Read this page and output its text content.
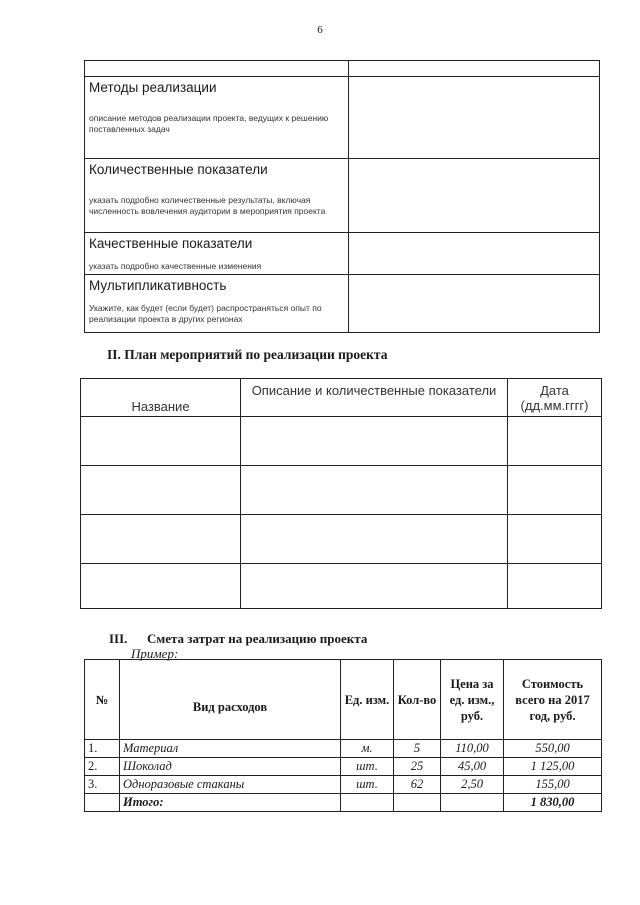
6

Методы реализации
описание методов реализации проекта, ведущих к решению поставленных задач	

Количественные показатели
указать подробно количественные результаты, включая численность вовлечения аудитории в мероприятия проекта	

Качественные показатели
указать подробно качественные изменения	

Мультипликативность
Укажите, как будет (если будет) распространяться опыт по реализации проекта в других регионах	

II. План мероприятий по реализации проекта
Название	Описание и количественные показатели	Дата (дд.мм.гггг)

III. Смета затрат на реализацию проекта
Пример:
№	Вид расходов	Ед. изм.	Кол-во	Цена за ед. изм., руб.	Стоимость всего на 2017 год, руб.
1.	Материал	м.	5	110,00	550,00
2.	Шоколад	шт.	25	45,00	1 125,00
3.	Одноразовые стаканы	шт.	62	2,50	155,00
	Итого:				1 830,00
